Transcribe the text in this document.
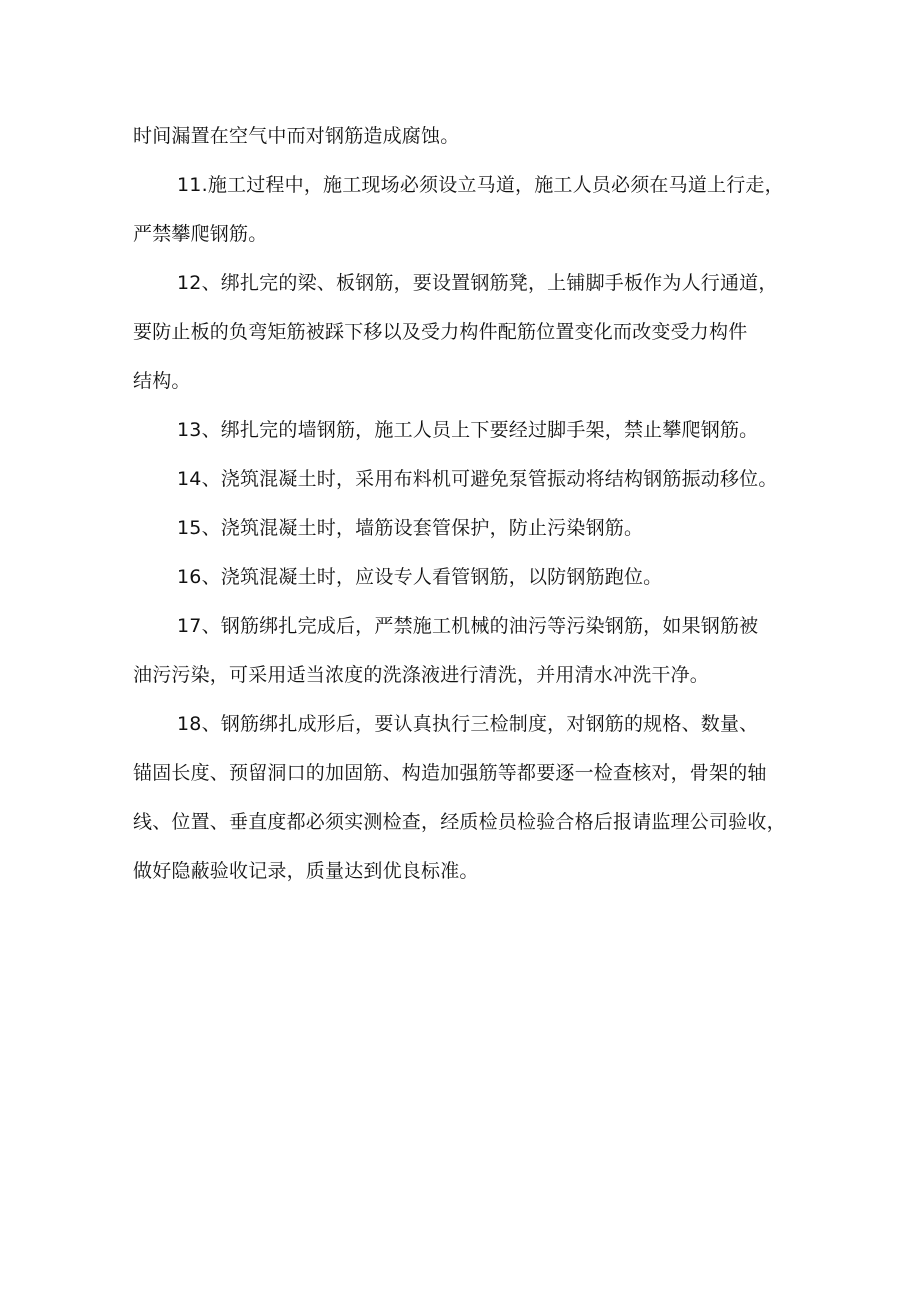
时间漏置在空气中而对钢筋造成腐蚀。
11.施工过程中，施工现场必须设立马道，施工人员必须在马道上行走，
严禁攀爬钢筋。
12、绑扎完的梁、板钢筋，要设置钢筋凳，上铺脚手板作为人行通道，
要防止板的负弯矩筋被踩下移以及受力构件配筋位置变化而改变受力构件
结构。
13、绑扎完的墙钢筋，施工人员上下要经过脚手架，禁止攀爬钢筋。
14、浇筑混凝土时，采用布料机可避免泵管振动将结构钢筋振动移位。
15、浇筑混凝土时，墙筋设套管保护，防止污染钢筋。
16、浇筑混凝土时，应设专人看管钢筋，以防钢筋跑位。
17、钢筋绑扎完成后，严禁施工机械的油污等污染钢筋，如果钢筋被
油污污染，可采用适当浓度的洗涤液进行清洗，并用清水冲洗干净。
18、钢筋绑扎成形后，要认真执行三检制度，对钢筋的规格、数量、
锚固长度、预留洞口的加固筋、构造加强筋等都要逐一检查核对，骨架的轴
线、位置、垂直度都必须实测检查，经质检员检验合格后报请监理公司验收，
做好隐蔽验收记录，质量达到优良标准。
